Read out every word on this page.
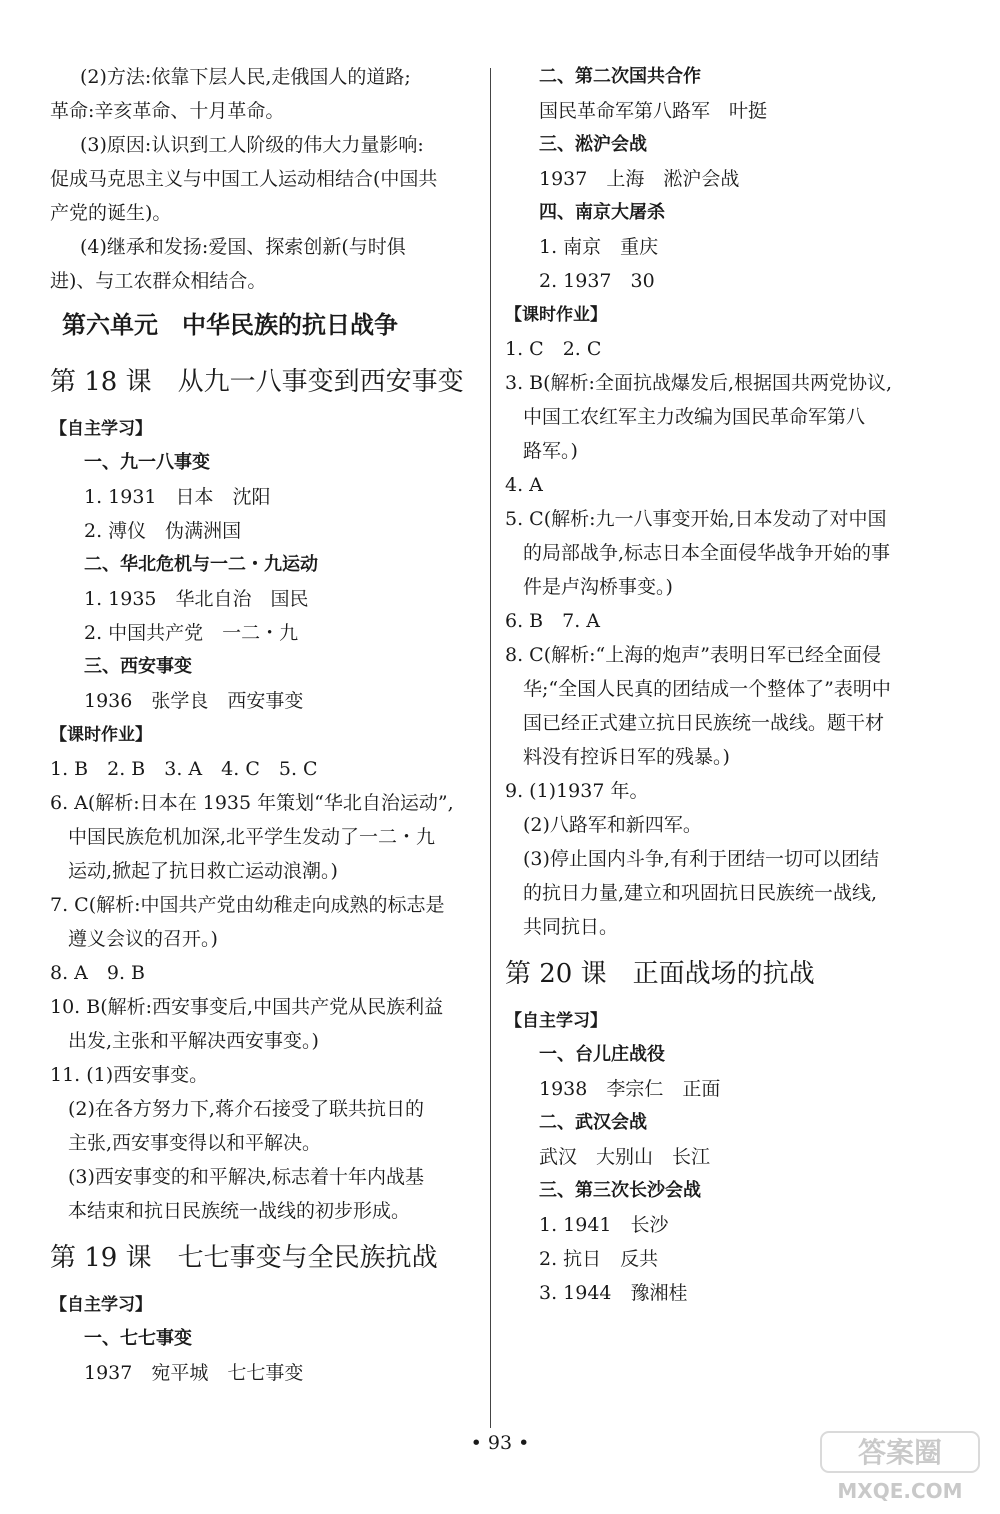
(2)方法:依靠下层人民,走俄国人的道路;
革命:辛亥革命、十月革命。
(3)原因:认识到工人阶级的伟大力量影响:
促成马克思主义与中国工人运动相结合(中国共
产党的诞生)。
(4)继承和发扬:爱国、探索创新(与时俱
进)、与工农群众相结合。
第六单元　中华民族的抗日战争
第 18 课　从九一八事变到西安事变
【自主学习】
一、九一八事变
1. 1931　日本　沈阳
2. 溥仪　伪满洲国
二、华北危机与一二・九运动
1. 1935　华北自治　国民
2. 中国共产党　一二・九
三、西安事变
1936　张学良　西安事变
【课时作业】
1. B　2. B　3. A　4. C　5. C
6. A(解析:日本在 1935 年策划“华北自治运动”,
中国民族危机加深,北平学生发动了一二・九
运动,掀起了抗日救亡运动浪潮。)
7. C(解析:中国共产党由幼稚走向成熟的标志是
遵义会议的召开。)
8. A　9. B
10. B(解析:西安事变后,中国共产党从民族利益
出发,主张和平解决西安事变。)
11. (1)西安事变。
(2)在各方努力下,蒋介石接受了联共抗日的
主张,西安事变得以和平解决。
(3)西安事变的和平解决,标志着十年内战基
本结束和抗日民族统一战线的初步形成。
第 19 课　七七事变与全民族抗战
【自主学习】
一、七七事变
1937　宛平城　七七事变
二、第二次国共合作
国民革命军第八路军　叶挺
三、淞沪会战
1937　上海　淞沪会战
四、南京大屠杀
1. 南京　重庆
2. 1937　30
【课时作业】
1. C　2. C
3. B(解析:全面抗战爆发后,根据国共两党协议,
中国工农红军主力改编为国民革命军第八
路军。)
4. A
5. C(解析:九一八事变开始,日本发动了对中国
的局部战争,标志日本全面侵华战争开始的事
件是卢沟桥事变。)
6. B　7. A
8. C(解析:“上海的炮声”表明日军已经全面侵
华;“全国人民真的团结成一个整体了”表明中
国已经正式建立抗日民族统一战线。题干材
料没有控诉日军的残暴。)
9. (1)1937 年。
(2)八路军和新四军。
(3)停止国内斗争,有利于团结一切可以团结
的抗日力量,建立和巩固抗日民族统一战线,
共同抗日。
第 20 课　正面战场的抗战
【自主学习】
一、台儿庄战役
1938　李宗仁　正面
二、武汉会战
武汉　大别山　长江
三、第三次长沙会战
1. 1941　长沙
2. 抗日　反共
3. 1944　豫湘桂
• 93 •	答案圈
MXQE.COM
